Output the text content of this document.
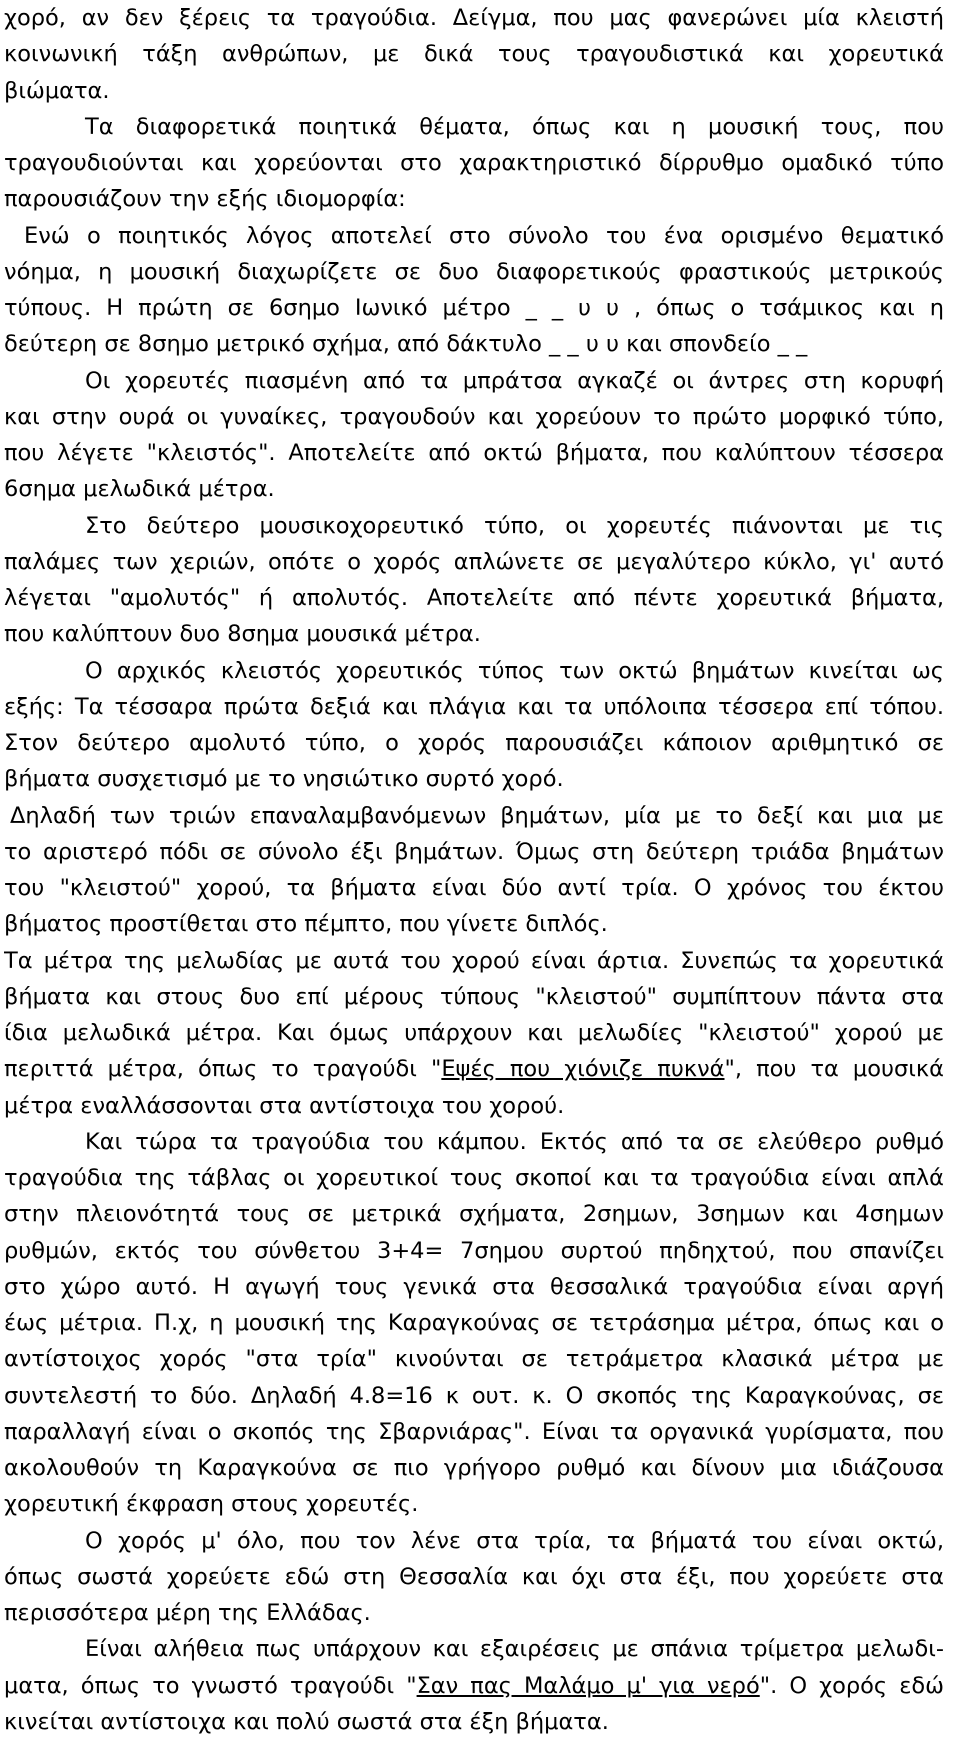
χορό, αν δεν ξέρεις τα τραγούδια. Δείγμα, που μας φανερώνει μία κλειστή
κοινωνική τάξη ανθρώπων, με δικά τους τραγουδιστικά και χορευτικά
βιώματα.
Τα διαφορετικά ποιητικά θέματα, όπως και η μουσική τους, που
τραγουδιούνται και χορεύονται στο χαρακτηριστικό δίρρυθμο ομαδικό τύπο
παρουσιάζουν την εξής ιδιομορφία:
Ενώ ο ποιητικός λόγος αποτελεί στο σύνολο του ένα ορισμένο θεματικό
νόημα, η μουσική διαχωρίζετε σε δυο διαφορετικούς φραστικούς μετρικούς
τύπους. Η πρώτη σε 6σημο Ιωνικό μέτρο _ _ υ υ , όπως ο τσάμικος και η
δεύτερη σε 8σημο μετρικό σχήμα, από δάκτυλο _ _ υ υ και σπονδείο _ _
Οι χορευτές πιασμένη από τα μπράτσα αγκαζέ οι άντρες στη κορυφή
και στην ουρά οι γυναίκες, τραγουδούν και χορεύουν το πρώτο μορφικό τύπο,
που λέγετε "κλειστός". Αποτελείτε από οκτώ βήματα, που καλύπτουν τέσσερα
6σημα μελωδικά μέτρα.
Στο δεύτερο μουσικοχορευτικό τύπο, οι χορευτές πιάνονται με τις
παλάμες των χεριών, οπότε ο χορός απλώνετε σε μεγαλύτερο κύκλο, γι' αυτό
λέγεται "αμολυτός" ή απολυτός. Αποτελείτε από πέντε χορευτικά βήματα,
που καλύπτουν δυο 8σημα μουσικά μέτρα.
Ο αρχικός κλειστός χορευτικός τύπος των οκτώ βημάτων κινείται ως
εξής: Τα τέσσαρα πρώτα δεξιά και πλάγια και τα υπόλοιπα τέσσερα επί τόπου.
Στον δεύτερο αμολυτό τύπο, ο χορός παρουσιάζει κάποιον αριθμητικό σε
βήματα συσχετισμό με το νησιώτικο συρτό χορό.
Δηλαδή των τριών επαναλαμβανόμενων βημάτων, μία με το δεξί και μια με
το αριστερό πόδι σε σύνολο έξι βημάτων. Όμως στη δεύτερη τριάδα βημάτων
του "κλειστού" χορού, τα βήματα είναι δύο αντί τρία. Ο χρόνος του έκτου
βήματος προστίθεται στο πέμπτο, που γίνετε διπλός.
Τα μέτρα της μελωδίας με αυτά του χορού είναι άρτια. Συνεπώς τα χορευτικά
βήματα και στους δυο επί μέρους τύπους "κλειστού" συμπίπτουν πάντα στα
ίδια μελωδικά μέτρα. Και όμως υπάρχουν και μελωδίες "κλειστού" χορού με
περιττά μέτρα, όπως το τραγούδι "Εψές που χιόνιζε πυκνά", που τα μουσικά
μέτρα εναλλάσσονται στα αντίστοιχα του χορού.
Και τώρα τα τραγούδια του κάμπου. Εκτός από τα σε ελεύθερο ρυθμό
τραγούδια της τάβλας οι χορευτικοί τους σκοποί και τα τραγούδια είναι απλά
στην πλειονότητά τους σε μετρικά σχήματα, 2σημων, 3σημων και 4σημων
ρυθμών, εκτός του σύνθετου 3+4= 7σημου συρτού πηδηχτού, που σπανίζει
στο χώρο αυτό. Η αγωγή τους γενικά στα θεσσαλικά τραγούδια είναι αργή
έως μέτρια. Π.χ, η μουσική της Καραγκούνας σε τετράσημα μέτρα, όπως και ο
αντίστοιχος χορός "στα τρία" κινούνται σε τετράμετρα κλασικά μέτρα με
συντελεστή το δύο. Δηλαδή 4.8=16 κ ουτ. κ. Ο σκοπός της Καραγκούνας, σε
παραλλαγή είναι ο σκοπός της Σβαρνιάρας". Είναι τα οργανικά γυρίσματα, που
ακολουθούν τη Καραγκούνα σε πιο γρήγορο ρυθμό και δίνουν μια ιδιάζουσα
χορευτική έκφραση στους χορευτές.
Ο χορός μ' όλο, που τον λένε στα τρία, τα βήματά του είναι οκτώ,
όπως σωστά χορεύετε εδώ στη Θεσσαλία και όχι στα έξι, που χορεύετε στα
περισσότερα μέρη της Ελλάδας.
Είναι αλήθεια πως υπάρχουν και εξαιρέσεις με σπάνια τρίμετρα μελωδι-
ματα, όπως το γνωστό τραγούδι "Σαν πας Μαλάμο μ' για νερό". Ο χορός εδώ
κινείται αντίστοιχα και πολύ σωστά στα έξη βήματα.
